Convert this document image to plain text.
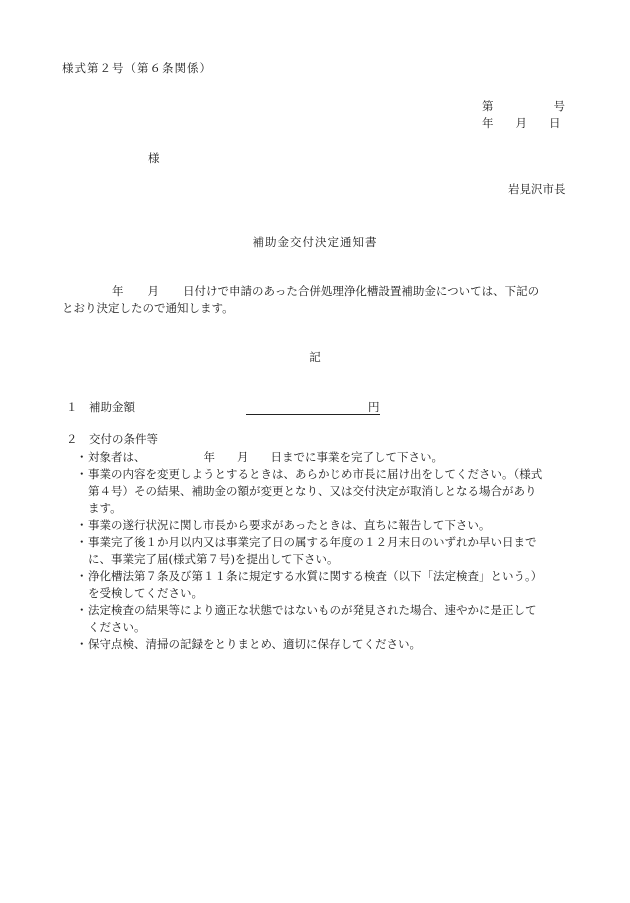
様式第２号（第６条関係）
第	号
年 月 日
様
岩見沢市長
補助金交付決定通知書
年 月 日付けで申請のあった合併処理浄化槽設置補助金については、下記の
とおり決定したので通知します。
記
１　補助金額	円
２　交付の条件等
・ 対象者は、	年 月 日までに事業を完了して下さい。
・ 事業の内容を変更しようとするときは、あらかじめ市長に届け出をしてください。（様式
第４号）その結果、補助金の額が変更となり、又は交付決定が取消しとなる場合があり
ます。
・ 事業の遂行状況に関し市長から要求があったときは、直ちに報告して下さい。
・ 事業完了後１か月以内又は事業完了日の属する年度の１２月末日のいずれか早い日まで
に、事業完了届(様式第７号)を提出して下さい。
・ 浄化槽法第７条及び第１１条に規定する水質に関する検査（以下「法定検査」という。）
を受検してください。
・ 法定検査の結果等により適正な状態ではないものが発見された場合、速やかに是正して
ください。
・ 保守点検、清掃の記録をとりまとめ、適切に保存してください。
